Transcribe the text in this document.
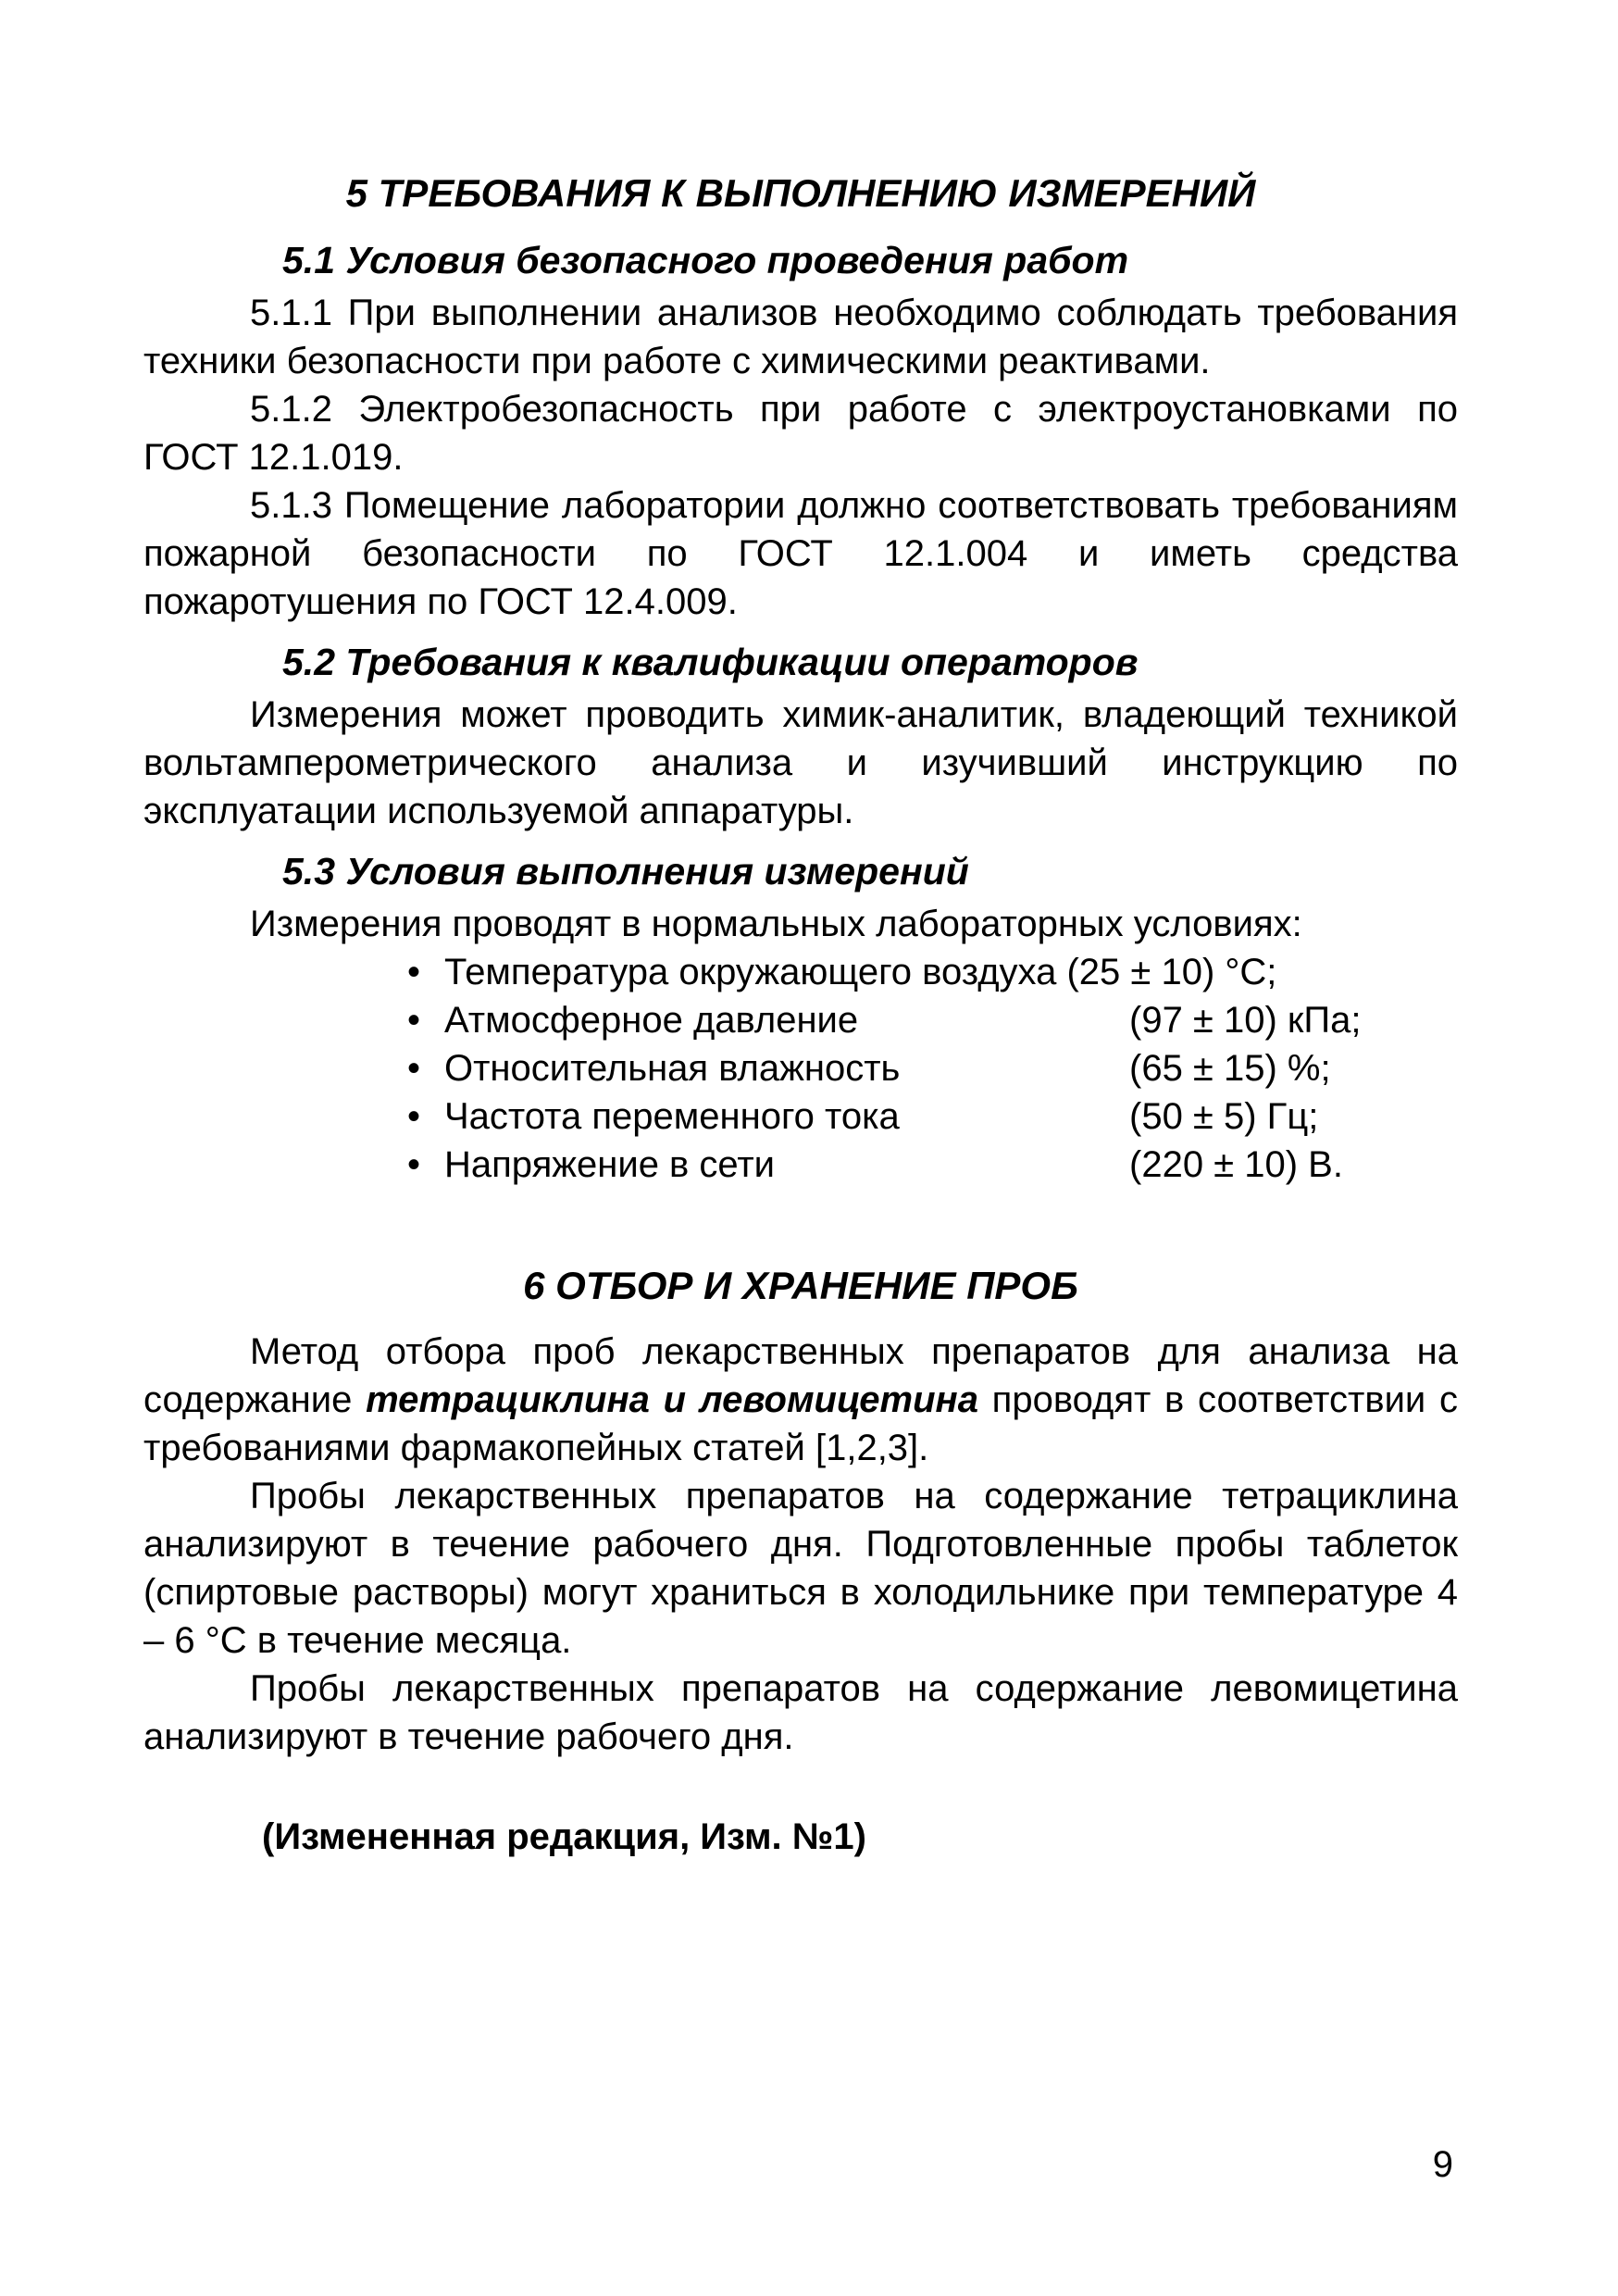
5 ТРЕБОВАНИЯ К ВЫПОЛНЕНИЮ ИЗМЕРЕНИЙ
5.1 Условия безопасного проведения работ

5.1.1 При выполнении анализов необходимо соблюдать требования техники безопасности при работе с химическими реактивами.

5.1.2 Электробезопасность при работе с электроустановками по ГОСТ 12.1.019.

5.1.3 Помещение лаборатории должно соответствовать требованиям пожарной безопасности по ГОСТ 12.1.004 и иметь средства пожаротушения по ГОСТ 12.4.009.

5.2 Требования к квалификации операторов

Измерения может проводить химик-аналитик, владеющий техникой вольтамперометрического анализа и изучивший инструкцию по эксплуатации используемой аппаратуры.

5.3 Условия выполнения измерений

Измерения проводят в нормальных лабораторных условиях:

• Температура окружающего воздуха
(25 ± 10) °С;
• Атмосферное давление	(97 ± 10) кПа;
• Относительная влажность	(65 ± 15) %;
• Частота переменного тока	(50 ± 5) Гц;
• Напряжение в сети	(220 ± 10) В.
6 ОТБОР И ХРАНЕНИЕ ПРОБ

Метод отбора проб лекарственных препаратов для анализа на содержание тетрациклина и левомицетина проводят в соответствии с требованиями фармакопейных статей [1,2,3].

Пробы лекарственных препаратов на содержание тетрациклина анализируют в течение рабочего дня. Подготовленные пробы таблеток (спиртовые растворы) могут храниться в холодильнике при температуре 4 – 6 °С в течение месяца.

Пробы лекарственных препаратов на содержание левомицетина анализируют в течение рабочего дня.

(Измененная редакция, Изм. №1)
9
